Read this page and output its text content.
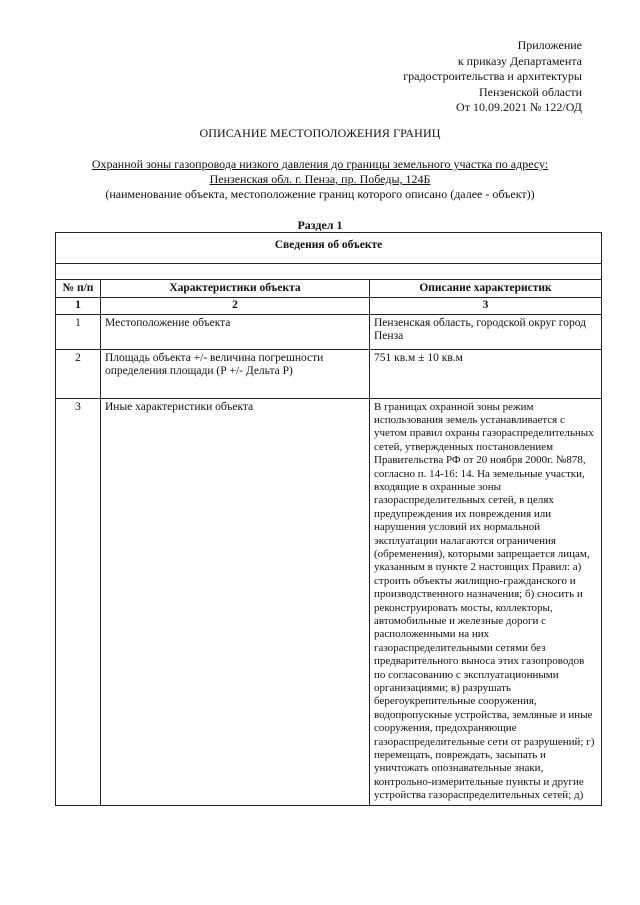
Приложение
к приказу Департамента
градостроительства и архитектуры
Пензенской области
От 10.09.2021 № 122/ОД
ОПИСАНИЕ МЕСТОПОЛОЖЕНИЯ ГРАНИЦ
Охранной зоны газопровода низкого давления до границы земельного участка по адресу:
Пензенская обл. г. Пенза, пр. Победы, 124Б
(наименование объекта, местоположение границ которого описано (далее - объект))
Раздел 1
Сведения об объекте		

№ п/п	Характеристики объекта	Описание характеристик
1	2	3
1	Местоположение объекта	Пензенская область, городской округ город Пенза
2	Площадь объекта +/- величина погрешности определения площади (Р +/- Дельта Р)	751 кв.м ± 10 кв.м
3	Иные характеристики объекта	В границах охранной зоны режим использования земель устанавливается с учетом правил охраны газораспределительных сетей, утвержденных постановлением Правительства РФ от 20 ноября 2000г. №878, согласно п. 14-16: 14. На земельные участки, входящие в охранные зоны газораспределительных сетей, в целях предупреждения их повреждения или нарушения условий их нормальной эксплуатации налагаются ограничения (обременения), которыми запрещается лицам, указанным в пункте 2 настоящих Правил: а) строить объекты жилищно-гражданского и производственного назначения; б) сносить и реконструировать мосты, коллекторы, автомобильные и железные дороги с расположенными на них газораспределительными сетями без предварительного выноса этих газопроводов по согласованию с эксплуатационными организациями; в) разрушать берегоукрепительные сооружения, водопропускные устройства, земляные и иные сооружения, предохраняющие газораспределительные сети от разрушений; г) перемещать, повреждать, засыпать и уничтожать опознавательные знаки, контрольно-измерительные пункты и другие устройства газораспределительных сетей; д)
